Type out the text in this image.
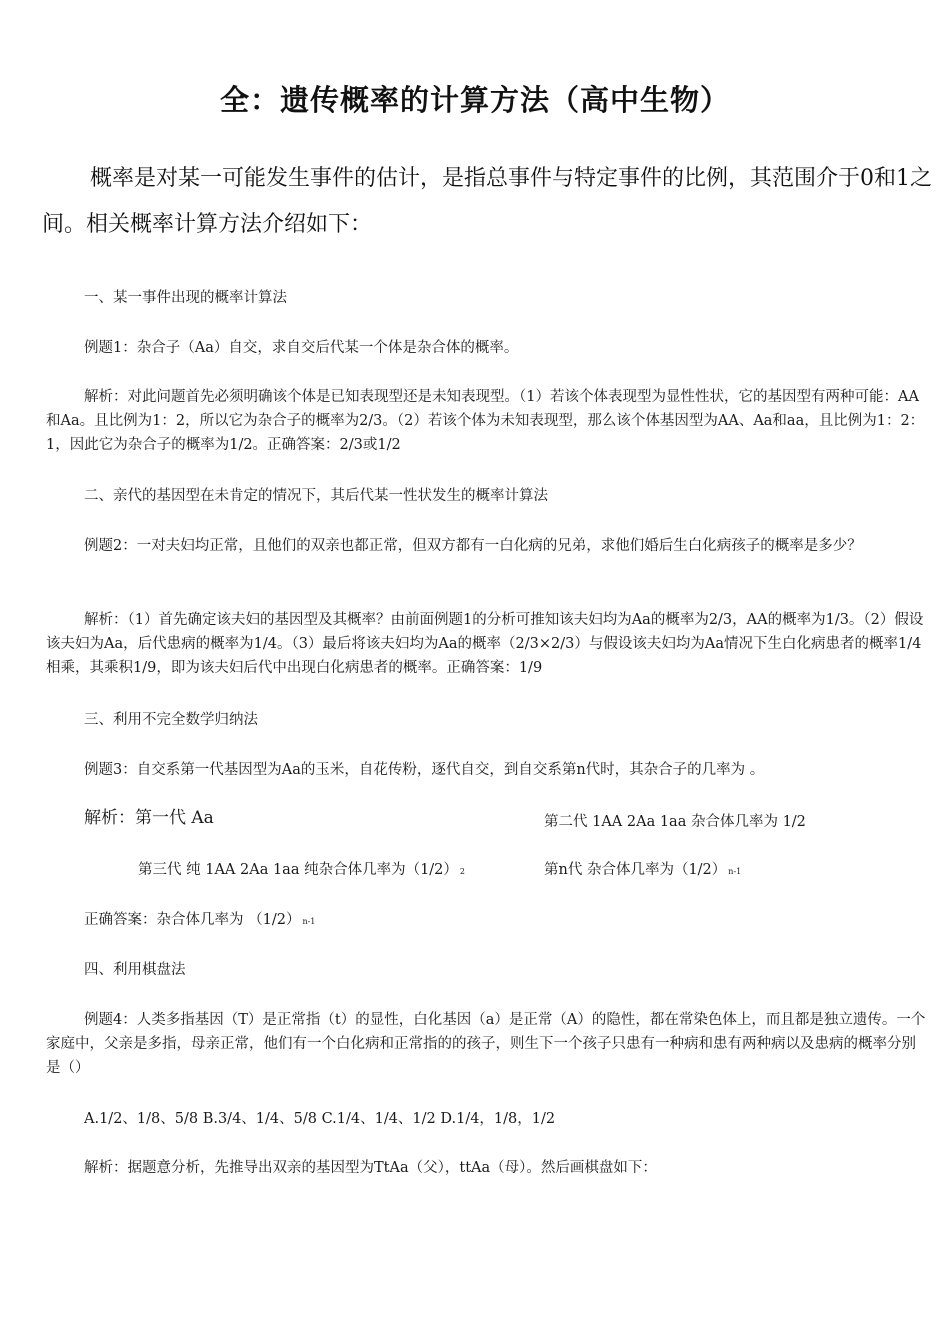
全：遗传概率的计算方法（高中生物）
概率是对某一可能发生事件的估计，是指总事件与特定事件的比例，其范围介于0和1之间。相关概率计算方法介绍如下：
一、某一事件出现的概率计算法
例题1：杂合子（Aa）自交，求自交后代某一个体是杂合体的概率。
解析：对此问题首先必须明确该个体是已知表现型还是未知表现型。（1）若该个体表现型为显性性状，它的基因型有两种可能：AA和Aa。且比例为1：2，所以它为杂合子的概率为2/3。（2）若该个体为未知表现型，那么该个体基因型为AA、Aa和aa，且比例为1：2：1，因此它为杂合子的概率为1/2。正确答案：2/3或1/2
二、亲代的基因型在未肯定的情况下，其后代某一性状发生的概率计算法
例题2：一对夫妇均正常，且他们的双亲也都正常，但双方都有一白化病的兄弟，求他们婚后生白化病孩子的概率是多少？
解析：（1）首先确定该夫妇的基因型及其概率？由前面例题1的分析可推知该夫妇均为Aa的概率为2/3，AA的概率为1/3。（2）假设该夫妇为Aa，后代患病的概率为1/4。（3）最后将该夫妇均为Aa的概率（2/3×2/3）与假设该夫妇均为Aa情况下生白化病患者的概率1/4相乘，其乘积1/9，即为该夫妇后代中出现白化病患者的概率。正确答案：1/9
三、利用不完全数学归纳法
例题3：自交系第一代基因型为Aa的玉米，自花传粉，逐代自交，到自交系第n代时，其杂合子的几率为 。
解析：第一代 Aa	第二代 1AA 2Aa 1aa 杂合体几率为 1/2
第三代 纯 1AA 2Aa 1aa 纯杂合体几率为（1/2） $^2$	第n代 杂合体几率为（1/2） $^{n-1}$
正确答案：杂合体几率为 （1/2） $^{n-1}$
四、利用棋盘法
例题4：人类多指基因（T）是正常指（t）的显性，白化基因（a）是正常（A）的隐性，都在常染色体上，而且都是独立遗传。一个家庭中，父亲是多指，母亲正常，他们有一个白化病和正常指的的孩子，则生下一个孩子只患有一种病和患有两种病以及患病的概率分别是（）
A.1/2、1/8、5/8 B.3/4、1/4、5/8 C.1/4、1/4、1/2 D.1/4，1/8，1/2
解析：据题意分析，先推导出双亲的基因型为TtAa（父），ttAa（母）。然后画棋盘如下：
